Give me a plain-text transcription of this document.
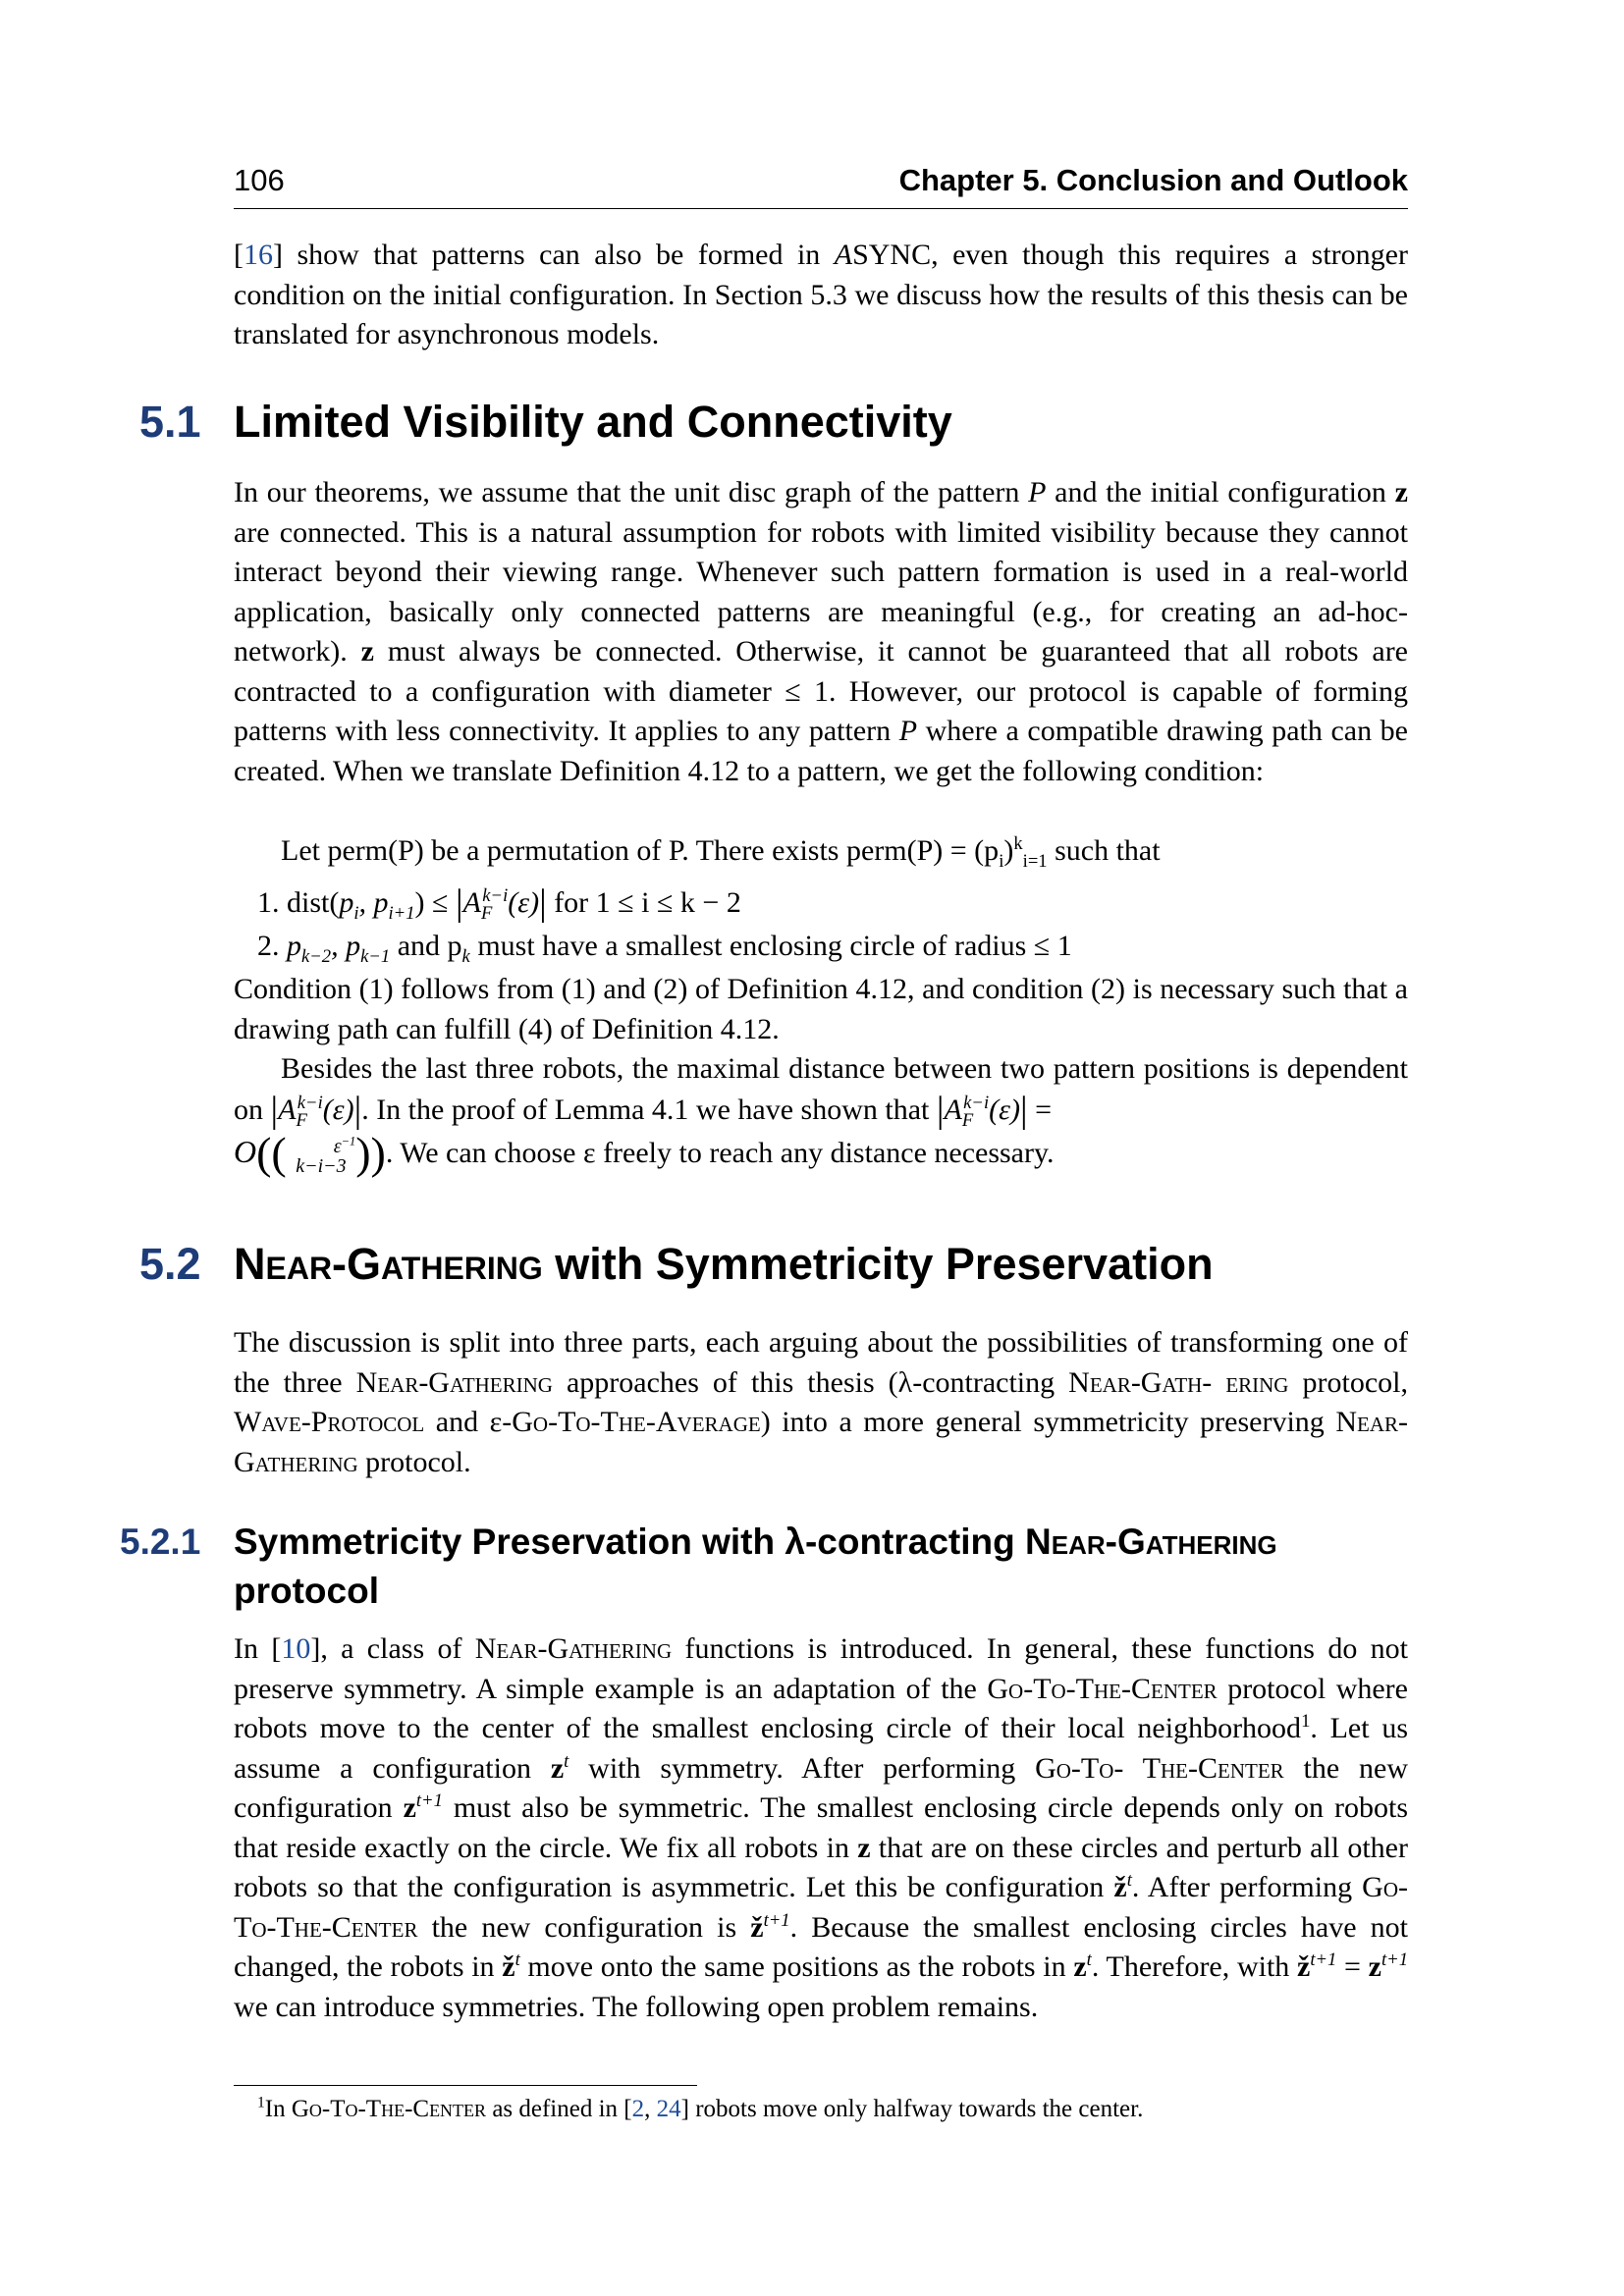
106	Chapter 5. Conclusion and Outlook
[16] show that patterns can also be formed in ASYNC, even though this requires a stronger condition on the initial configuration. In Section 5.3 we discuss how the results of this thesis can be translated for asynchronous models.
5.1 Limited Visibility and Connectivity
In our theorems, we assume that the unit disc graph of the pattern P and the initial configuration z are connected. This is a natural assumption for robots with limited visibility because they cannot interact beyond their viewing range. Whenever such pattern formation is used in a real-world application, basically only connected patterns are meaningful (e.g., for creating an ad-hoc-network). z must always be connected. Otherwise, it cannot be guaranteed that all robots are contracted to a configuration with diameter ≤ 1. However, our protocol is capable of forming patterns with less connectivity. It applies to any pattern P where a compatible drawing path can be created. When we translate Definition 4.12 to a pattern, we get the following condition:
Let perm(P) be a permutation of P. There exists perm(P) = $(p_i)^k_{i=1}$ such that
1. $dist(p_i$, $p_{i+1}) \le |A_F^{k-i}(\varepsilon)|$ for 1 ≤ i ≤ k − 2
2. $p_{k-2}$, $p_{k-1}$ and $p_k$ must have a smallest enclosing circle of radius ≤ 1
Condition (1) follows from (1) and (2) of Definition 4.12, and condition (2) is necessary such that a drawing path can fulfill (4) of Definition 4.12.
Besides the last three robots, the maximal distance between two pattern positions is dependent on $|A_F^{k-i}(\varepsilon)|$. In the proof of Lemma 4.1 we have shown that $|A_F^{k-i}(\varepsilon)|$ =
O(( $\varepsilon^{-1}$
k−i−3 )). We can choose ε freely to reach any distance necessary.
5.2 Near-Gathering with Symmetricity Preservation
The discussion is split into three parts, each arguing about the possibilities of transforming one of the three Near-Gathering approaches of this thesis (λ-contracting Near-Gath- ering protocol, Wave-Protocol and ε-Go-To-The-Average) into a more general symmetricity preserving Near-Gathering protocol.
5.2.1 Symmetricity Preservation with λ-contracting Near-Gathering
protocol
In [10], a class of Near-Gathering functions is introduced. In general, these functions do not preserve symmetry. A simple example is an adaptation of the Go-To-The-Center protocol where robots move to the center of the smallest enclosing circle of their local neighborhood$^1$. Let us assume a configuration $z^t$ with symmetry. After performing Go-To- The-Center the new configuration $z^{t+1}$ must also be symmetric. The smallest enclosing circle depends only on robots that reside exactly on the circle. We fix all robots in z that are on these circles and perturb all other robots so that the configuration is asymmetric. Let this be configuration $ž^t$. After performing Go-To-The-Center the new configuration is $ž^{t+1}$. Because the smallest enclosing circles have not changed, the robots in $ž^t$ move onto the same positions as the robots in $z^t$. Therefore, with $ž^{t+1} = z^{t+1}$ we can introduce symmetries. The following open problem remains.
$^1$In Go-To-The-Center as defined in [2, 24] robots move only halfway towards the center.
